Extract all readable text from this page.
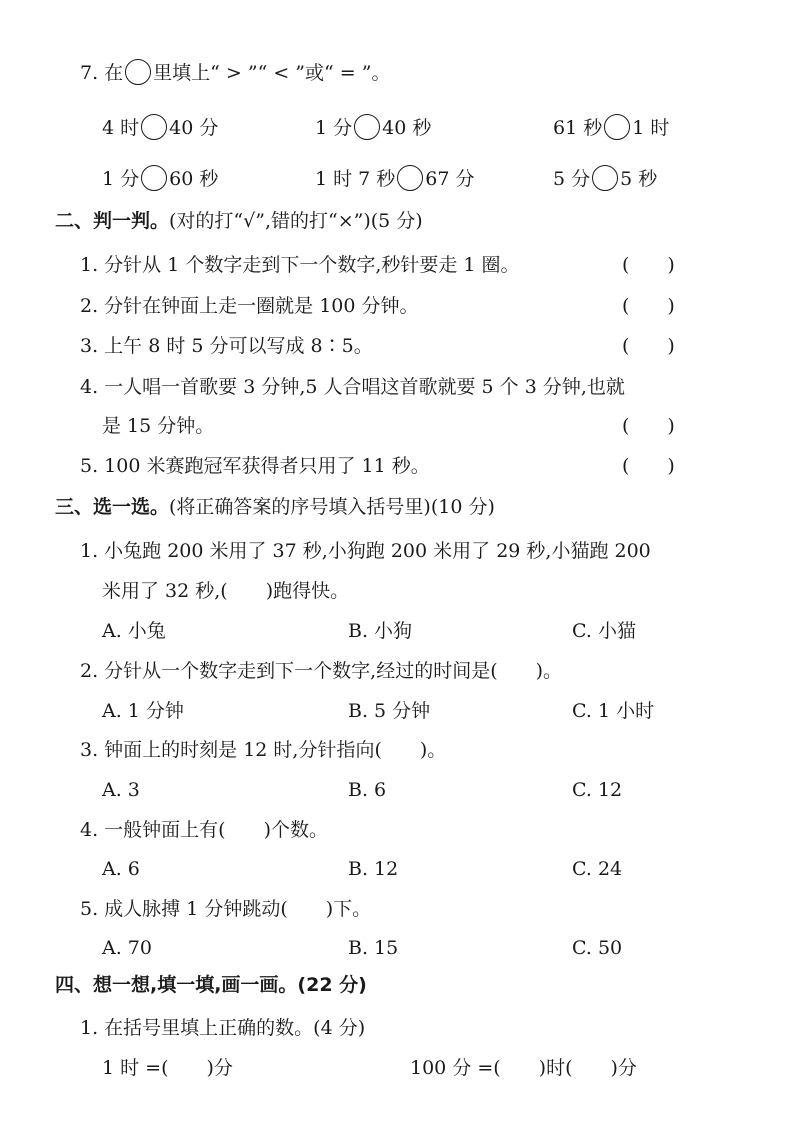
7. 在 里填上“ > ”“ < ”或“ = ”。
4 时 40 分	1 分 40 秒	61 秒 1 时
1 分 60 秒	1 时 7 秒 67 分	5 分 5 秒
二、判一判。(对的打“√”,错的打“×”)(5 分)
1. 分针从 1 个数字走到下一个数字,秒针要走 1 圈。	(　　)
2. 分针在钟面上走一圈就是 100 分钟。	(　　)
3. 上午 8 时 5 分可以写成 8∶5。	(　　)
4. 一人唱一首歌要 3 分钟,5 人合唱这首歌就要 5 个 3 分钟,也就
是 15 分钟。	(　　)
5. 100 米赛跑冠军获得者只用了 11 秒。	(　　)
三、选一选。(将正确答案的序号填入括号里)(10 分)
1. 小兔跑 200 米用了 37 秒,小狗跑 200 米用了 29 秒,小猫跑 200
米用了 32 秒,(　　)跑得快。
A. 小兔	B. 小狗	C. 小猫
2. 分针从一个数字走到下一个数字,经过的时间是(　　)。
A. 1 分钟	B. 5 分钟	C. 1 小时
3. 钟面上的时刻是 12 时,分针指向(　　)。
A. 3	B. 6	C. 12
4. 一般钟面上有(　　)个数。
A. 6	B. 12	C. 24
5. 成人脉搏 1 分钟跳动(　　)下。
A. 70	B. 15	C. 50
四、想一想,填一填,画一画。(22 分)
1. 在括号里填上正确的数。(4 分)
1 时 =(　　)分	100 分 =(　　)时(　　)分
